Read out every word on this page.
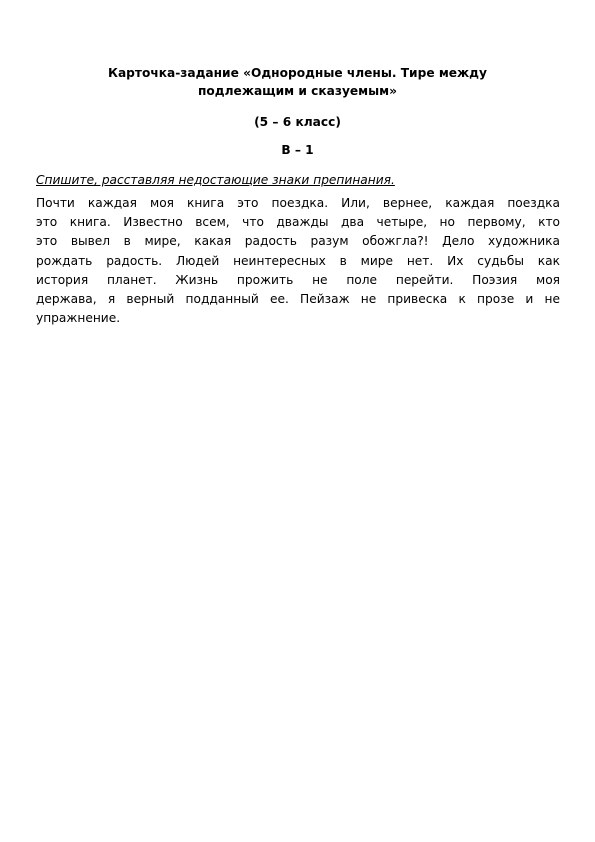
Карточка-задание «Однородные члены. Тире между
подлежащим и сказуемым»
(5 – 6 класс)
В – 1
Спишите, расставляя недостающие знаки препинания.
Почти каждая моя книга это поездка. Или, вернее, каждая поездка
это книга. Известно всем, что дважды два четыре, но первому, кто
это вывел в мире, какая радость разум обожгла?! Дело художника
рождать радость. Людей неинтересных в мире нет. Их судьбы как
история планет. Жизнь прожить не поле перейти. Поэзия моя
держава, я верный подданный ее. Пейзаж не привеска к прозе и не
упражнение.
